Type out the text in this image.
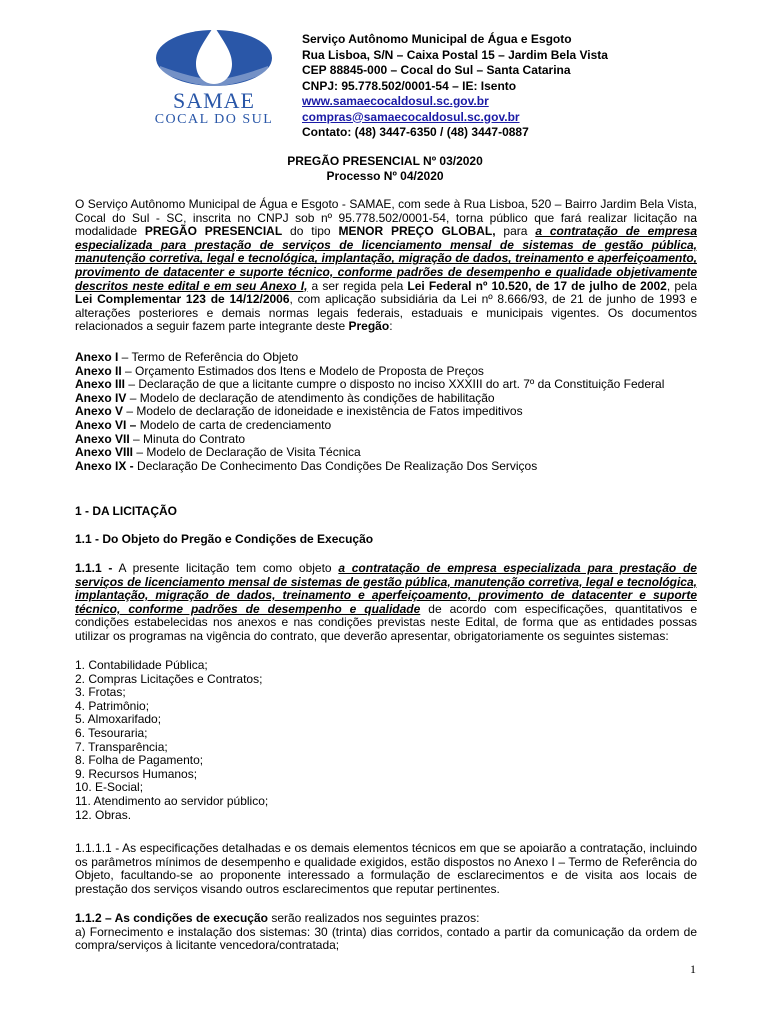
SAMAE
COCAL DO SUL
Serviço Autônomo Municipal de Água e Esgoto
Rua Lisboa, S/N – Caixa Postal 15 – Jardim Bela Vista
CEP 88845-000 – Cocal do Sul – Santa Catarina
CNPJ: 95.778.502/0001-54 – IE: Isento
www.samaecocaldosul.sc.gov.br
compras@samaecocaldosul.sc.gov.br
Contato: (48) 3447-6350 / (48) 3447-0887
PREGÃO PRESENCIAL Nº 03/2020
Processo Nº 04/2020
O Serviço Autônomo Municipal de Água e Esgoto - SAMAE, com sede à Rua Lisboa, 520 – Bairro Jardim Bela Vista, Cocal do Sul - SC, inscrita no CNPJ sob nº 95.778.502/0001-54, torna público que fará realizar licitação na modalidade PREGÃO PRESENCIAL do tipo MENOR PREÇO GLOBAL, para a contratação de empresa especializada para prestação de serviços de licenciamento mensal de sistemas de gestão pública, manutenção corretiva, legal e tecnológica, implantação, migração de dados, treinamento e aperfeiçoamento, provimento de datacenter e suporte técnico, conforme padrões de desempenho e qualidade objetivamente descritos neste edital e em seu Anexo I, a ser regida pela Lei Federal nº 10.520, de 17 de julho de 2002, pela Lei Complementar 123 de 14/12/2006, com aplicação subsidiária da Lei nº 8.666/93, de 21 de junho de 1993 e alterações posteriores e demais normas legais federais, estaduais e municipais vigentes. Os documentos relacionados a seguir fazem parte integrante deste Pregão:
Anexo I – Termo de Referência do Objeto
Anexo II – Orçamento Estimados dos Itens e Modelo de Proposta de Preços
Anexo III – Declaração de que a licitante cumpre o disposto no inciso XXXIII do art. 7º da Constituição Federal
Anexo IV – Modelo de declaração de atendimento às condições de habilitação
Anexo V – Modelo de declaração de idoneidade e inexistência de Fatos impeditivos
Anexo VI – Modelo de carta de credenciamento
Anexo VII – Minuta do Contrato
Anexo VIII – Modelo de Declaração de Visita Técnica
Anexo IX - Declaração De Conhecimento Das Condições De Realização Dos Serviços
1 - DA LICITAÇÃO
1.1 - Do Objeto do Pregão e Condições de Execução
1.1.1 - A presente licitação tem como objeto a contratação de empresa especializada para prestação de serviços de licenciamento mensal de sistemas de gestão pública, manutenção corretiva, legal e tecnológica, implantação, migração de dados, treinamento e aperfeiçoamento, provimento de datacenter e suporte técnico, conforme padrões de desempenho e qualidade de acordo com especificações, quantitativos e condições estabelecidas nos anexos e nas condições previstas neste Edital, de forma que as entidades possas utilizar os programas na vigência do contrato, que deverão apresentar, obrigatoriamente os seguintes sistemas:
1. Contabilidade Pública;
2. Compras Licitações e Contratos;
3. Frotas;
4. Patrimônio;
5. Almoxarifado;
6. Tesouraria;
7. Transparência;
8. Folha de Pagamento;
9. Recursos Humanos;
10. E-Social;
11. Atendimento ao servidor público;
12. Obras.
1.1.1.1 - As especificações detalhadas e os demais elementos técnicos em que se apoiarão a contratação, incluindo os parâmetros mínimos de desempenho e qualidade exigidos, estão dispostos no Anexo I – Termo de Referência do Objeto, facultando-se ao proponente interessado a formulação de esclarecimentos e de visita aos locais de prestação dos serviços visando outros esclarecimentos que reputar pertinentes.
1.1.2 – As condições de execução serão realizados nos seguintes prazos:
a) Fornecimento e instalação dos sistemas: 30 (trinta) dias corridos, contado a partir da comunicação da ordem de compra/serviços à licitante vencedora/contratada;
1
